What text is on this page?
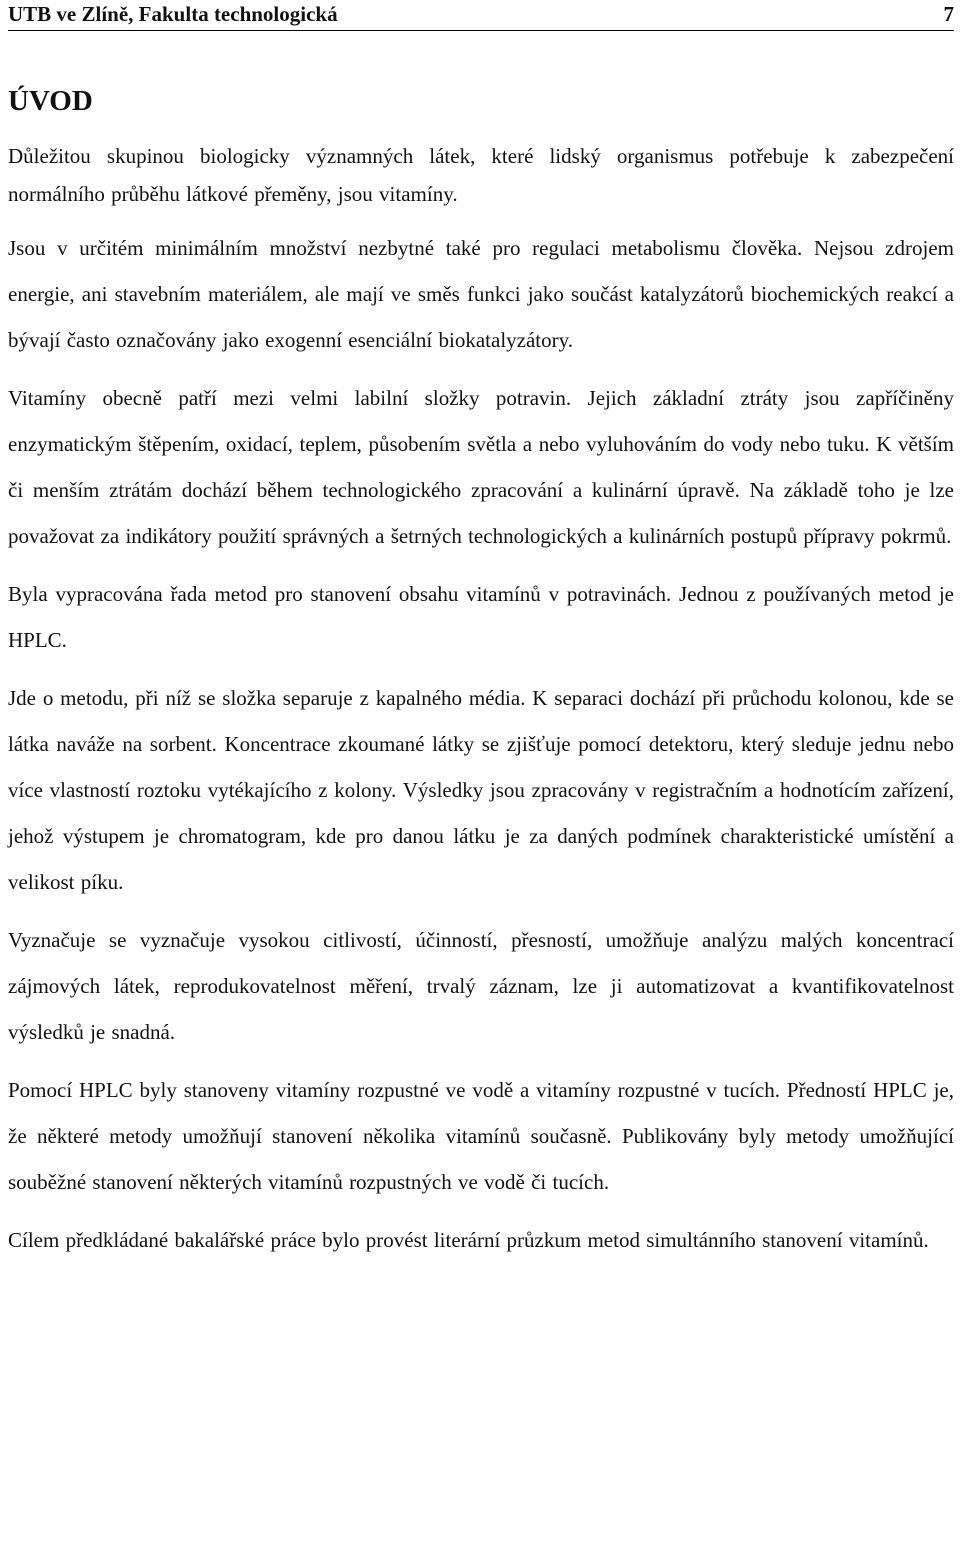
UTB ve Zlíně, Fakulta technologická	7
ÚVOD

Důležitou skupinou biologicky významných látek, které lidský organismus potřebuje k zabezpečení normálního průběhu látkové přeměny, jsou vitamíny.

Jsou v určitém minimálním množství nezbytné také pro regulaci metabolismu člověka. Nejsou zdrojem energie, ani stavebním materiálem, ale mají ve směs funkci jako součást katalyzátorů biochemických reakcí a bývají často označovány jako exogenní esenciální biokatalyzátory.

Vitamíny obecně patří mezi velmi labilní složky potravin. Jejich základní ztráty jsou zapříčiněny enzymatickým štěpením, oxidací, teplem, působením světla a nebo vyluhováním do vody nebo tuku. K větším či menším ztrátám dochází během technologického zpracování a kulinární úpravě. Na základě toho je lze považovat za indikátory použití správných a šetrných technologických a kulinárních postupů přípravy pokrmů.

Byla vypracována řada metod pro stanovení obsahu vitamínů v potravinách. Jednou z používaných metod je HPLC.

Jde o metodu, při níž se složka separuje z kapalného média. K separaci dochází při průchodu kolonou, kde se látka naváže na sorbent. Koncentrace zkoumané látky se zjišťuje pomocí detektoru, který sleduje jednu nebo více vlastností roztoku vytékajícího z kolony. Výsledky jsou zpracovány v registračním a hodnotícím zařízení, jehož výstupem je chromatogram, kde pro danou látku je za daných podmínek charakteristické umístění a velikost píku.

Vyznačuje se vyznačuje vysokou citlivostí, účinností, přesností, umožňuje analýzu malých koncentrací zájmových látek, reprodukovatelnost měření, trvalý záznam, lze ji automatizovat a kvantifikovatelnost výsledků je snadná.

Pomocí HPLC byly stanoveny vitamíny rozpustné ve vodě a vitamíny rozpustné v tucích. Předností HPLC je, že některé metody umožňují stanovení několika vitamínů současně. Publikovány byly metody umožňující souběžné stanovení některých vitamínů rozpustných ve vodě či tucích.

Cílem předkládané bakalářské práce bylo provést literární průzkum metod simultánního stanovení vitamínů.
